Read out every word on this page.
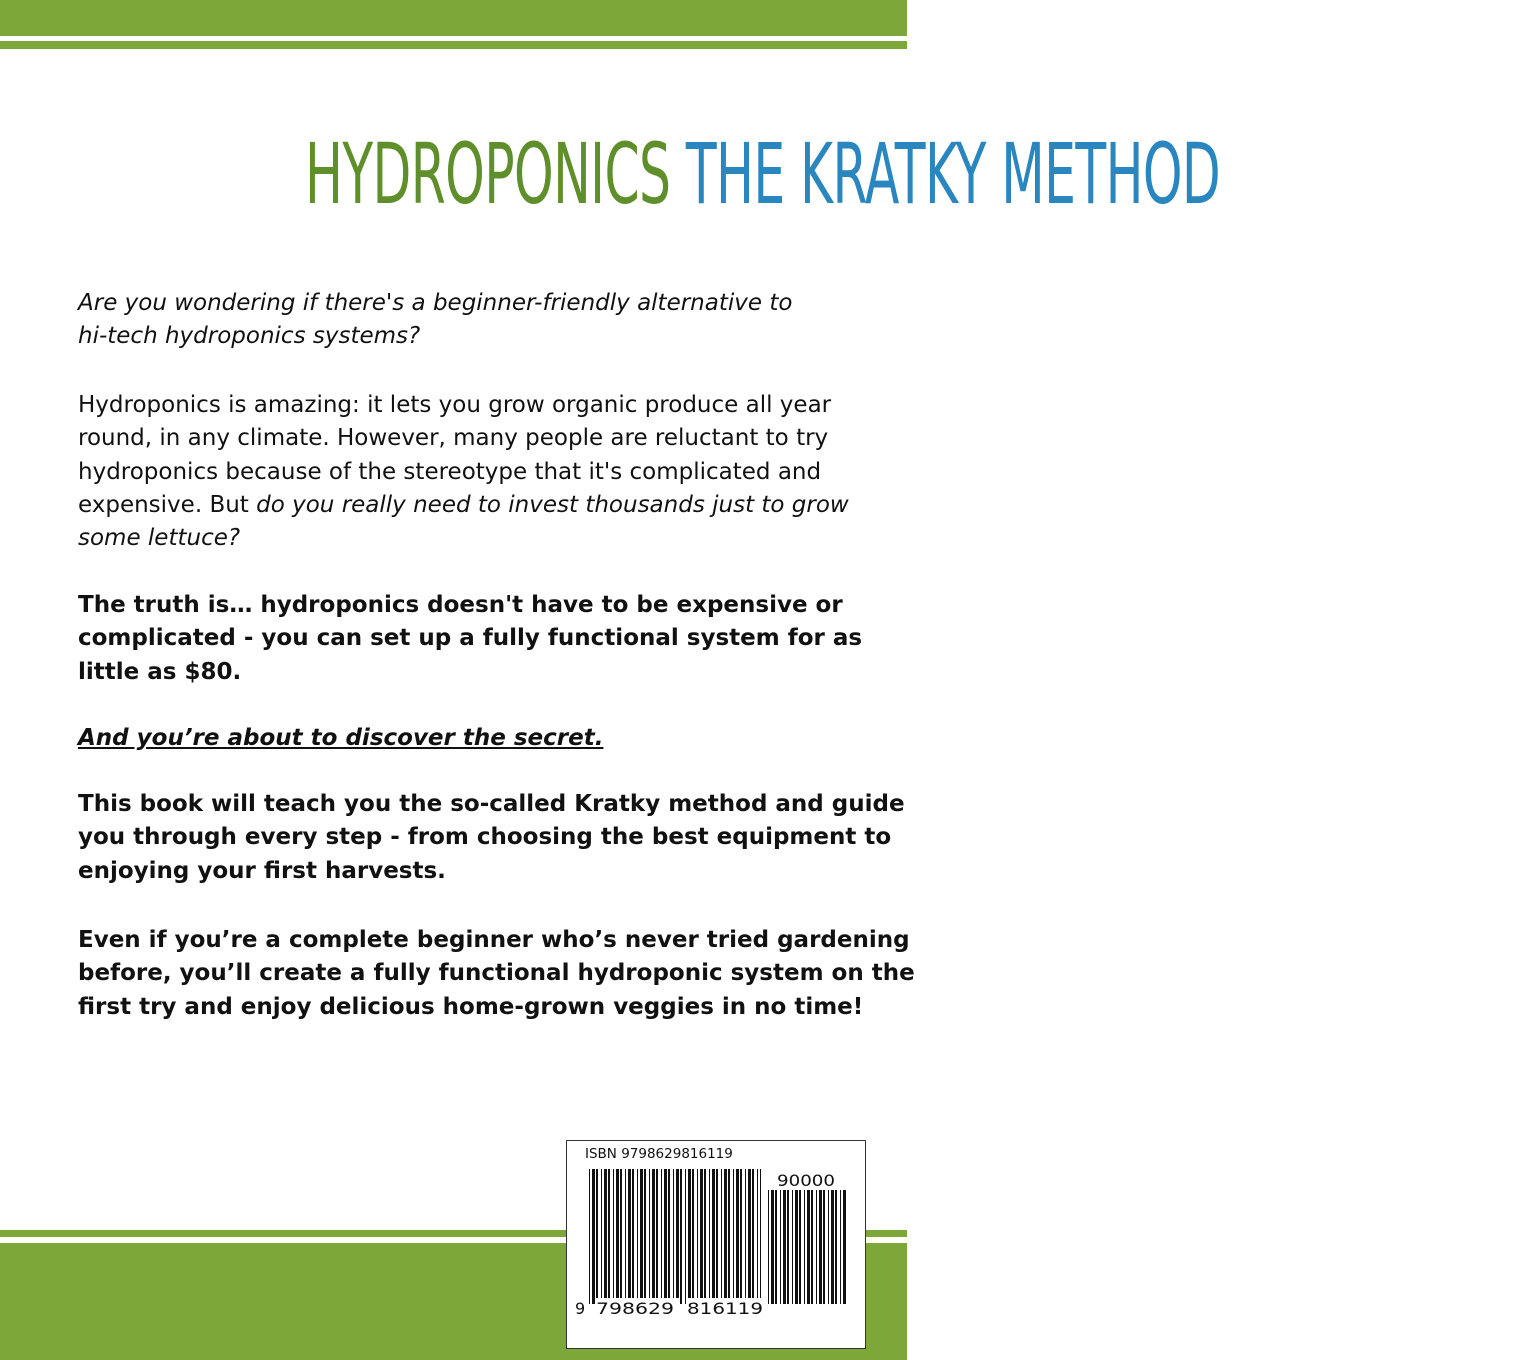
HYDROPONICS THE KRATKY METHOD

Are you wondering if there's a beginner-friendly alternative to
hi-tech hydroponics systems?

Hydroponics is amazing: it lets you grow organic produce all year
round, in any climate. However, many people are reluctant to try
hydroponics because of the stereotype that it's complicated and
expensive. But do you really need to invest thousands just to grow
some lettuce?

The truth is… hydroponics doesn't have to be expensive or
complicated - you can set up a fully functional system for as
little as $80.

And you’re about to discover the secret.

This book will teach you the so-called Kratky method and guide
you through every step - from choosing the best equipment to
enjoying your first harvests.

Even if you’re a complete beginner who’s never tried gardening
before, you’ll create a fully functional hydroponic system on the
first try and enjoy delicious home-grown veggies in no time!

ISBN 9798629816119
9 798629 816119
90000
